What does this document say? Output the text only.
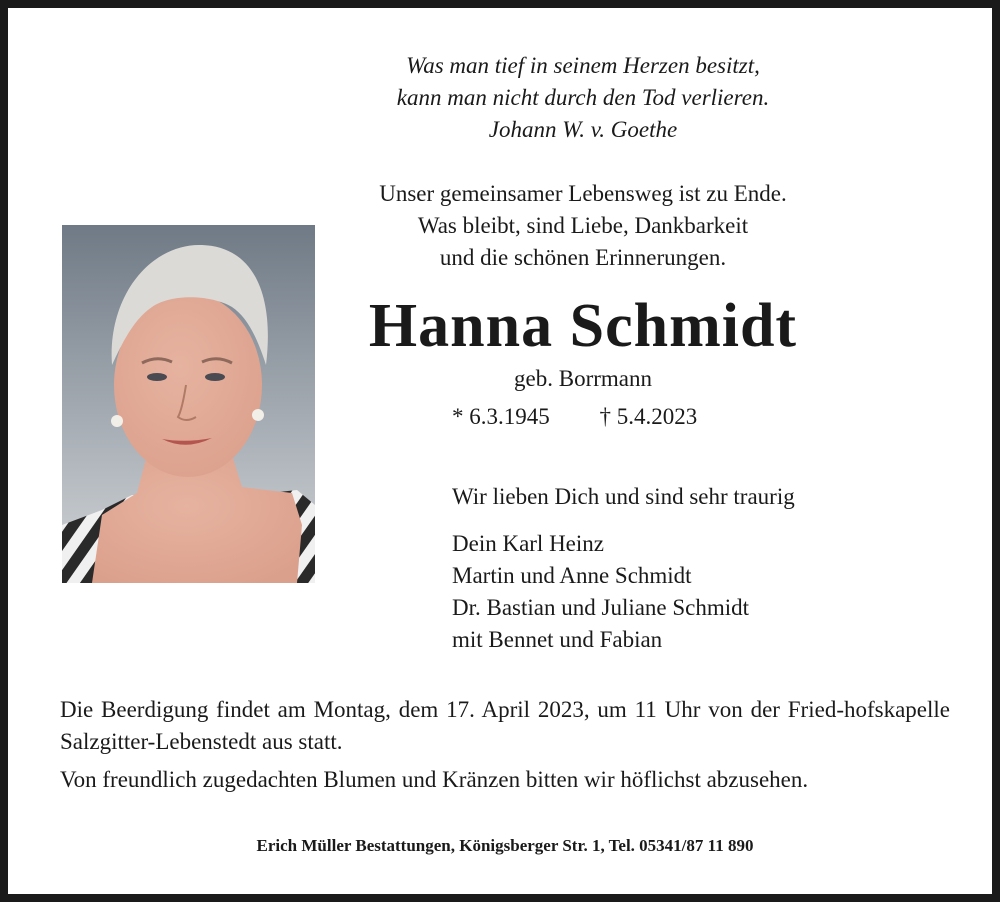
Was man tief in seinem Herzen besitzt,
kann man nicht durch den Tod verlieren.
Johann W. v. Goethe
Unser gemeinsamer Lebensweg ist zu Ende.
Was bleibt, sind Liebe, Dankbarkeit
und die schönen Erinnerungen.
Hanna Schmidt
geb. Borrmann
* 6.3.1945 † 5.4.2023
Wir lieben Dich und sind sehr traurig
Dein Karl Heinz
Martin und Anne Schmidt
Dr. Bastian und Juliane Schmidt
mit Bennet und Fabian

Die Beerdigung findet am Montag, dem 17. April 2023, um 11 Uhr von der Fried-hofskapelle Salzgitter-Lebenstedt aus statt.

Von freundlich zugedachten Blumen und Kränzen bitten wir höflichst abzusehen.

Erich Müller Bestattungen, Königsberger Str. 1, Tel. 05341/87 11 890
